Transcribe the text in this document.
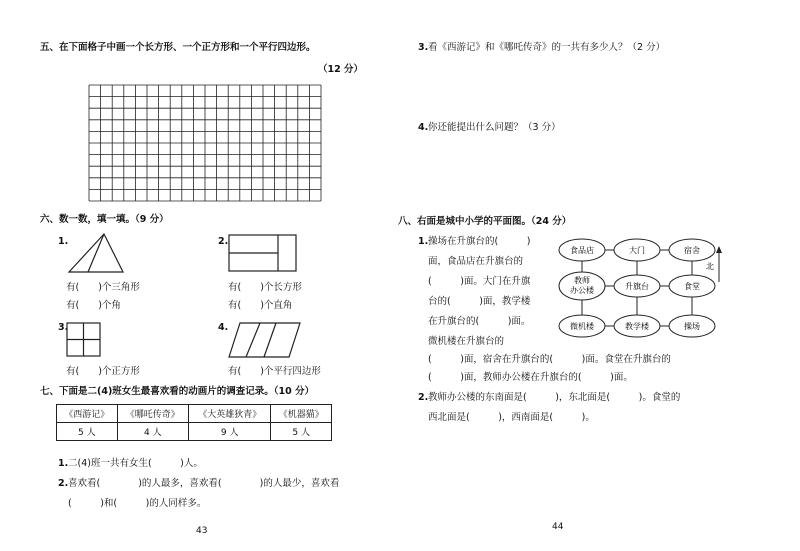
五、在下面格子中画一个长方形、一个正方形和一个平行四边形。
（12 分）
六、数一数，填一填。（9 分）
1.
有(　　)个三角形
有(　　)个角
2.
有(　　)个长方形
有(　　)个直角
3.
有(　　)个正方形
4.
有(　　)个平行四边形
七、下面是二(4)班女生最喜欢看的动画片的调查记录。（10 分）
《西游记》	《哪吒传奇》	《大英雄狄青》	《机器猫》
5 人	4 人	9 人	5 人
1. 二(4)班一共有女生(　　　)人。
2. 喜欢看(　　　　)的人最多，喜欢看(　　　　)的人最少，喜欢看
(　　　)和(　　　)的人同样多。
43
3. 看《西游记》和《哪吒传奇》的一共有多少人？（2 分）
4. 你还能提出什么问题？（3 分）
八、右面是城中小学的平面图。（24 分）
1. 操场在升旗台的(　　　)
面，食品店在升旗台的
(　　　)面。大门在升旗
台的(　　　)面，教学楼
在升旗台的(　　　)面。
微机楼在升旗台的
(　　　)面，宿舍在升旗台的(　　　)面。食堂在升旗台的
(　　　)面，教师办公楼在升旗台的(　　　)面。
2. 教师办公楼的东南面是(　　　)，东北面是(　　　)。食堂的
西北面是(　　　)，西南面是(　　　)。
食品店	大门	宿舍
教师办公楼	升旗台	食堂
微机楼	教学楼	操场
北
44
